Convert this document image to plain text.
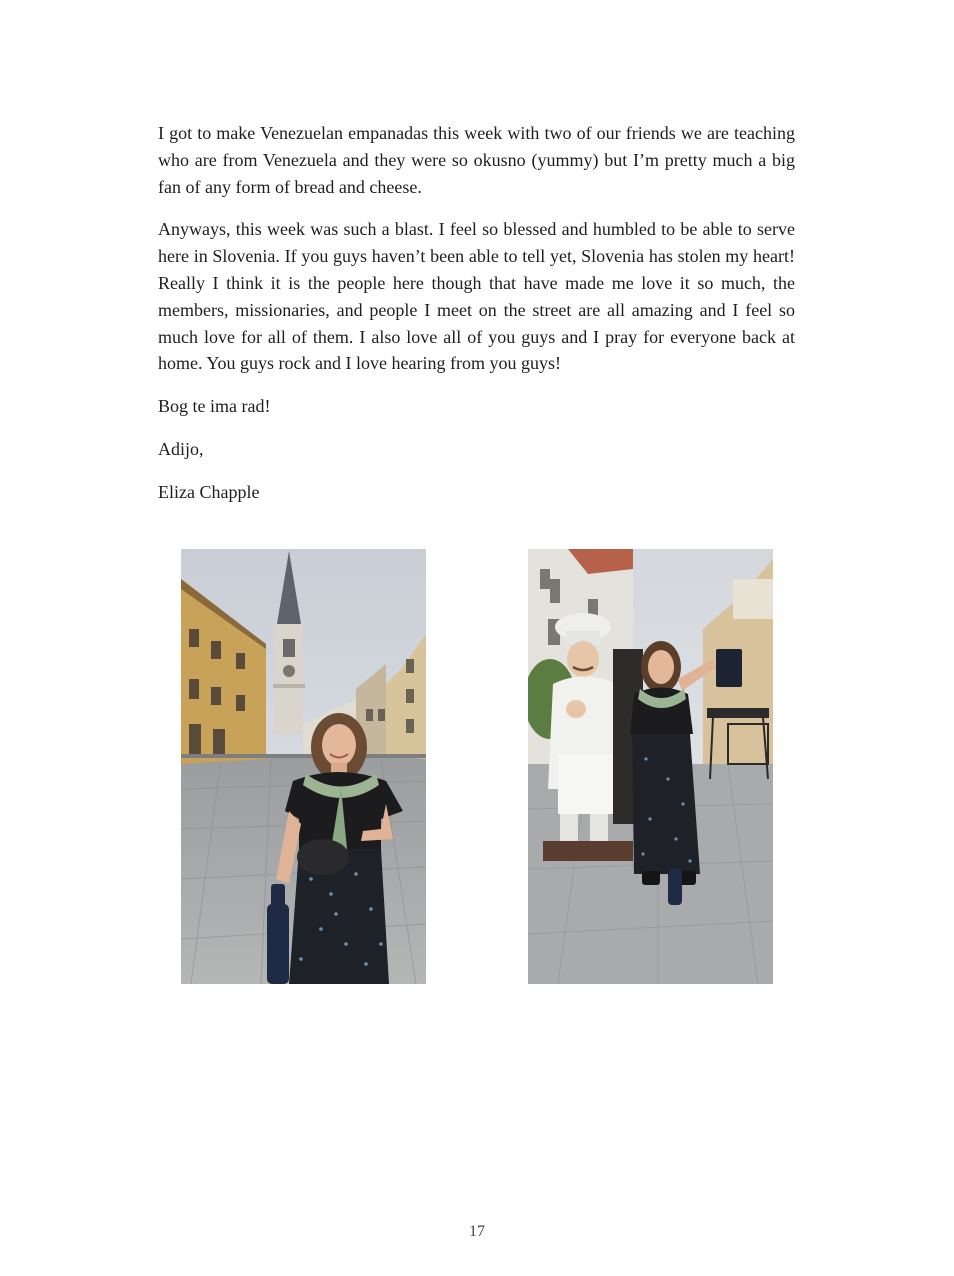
I got to make Venezuelan empanadas this week with two of our friends we are teaching who are from Venezuela and they were so okusno (yummy) but I’m pretty much a big fan of any form of bread and cheese.

Anyways, this week was such a blast. I feel so blessed and humbled to be able to serve here in Slovenia. If you guys haven’t been able to tell yet, Slovenia has stolen my heart! Really I think it is the people here though that have made me love it so much, the members, missionaries, and people I meet on the street are all amazing and I feel so much love for all of them. I also love all of you guys and I pray for everyone back at home. You guys rock and I love hearing from you guys!

Bog te ima rad!

Adijo,

Eliza Chapple

17
